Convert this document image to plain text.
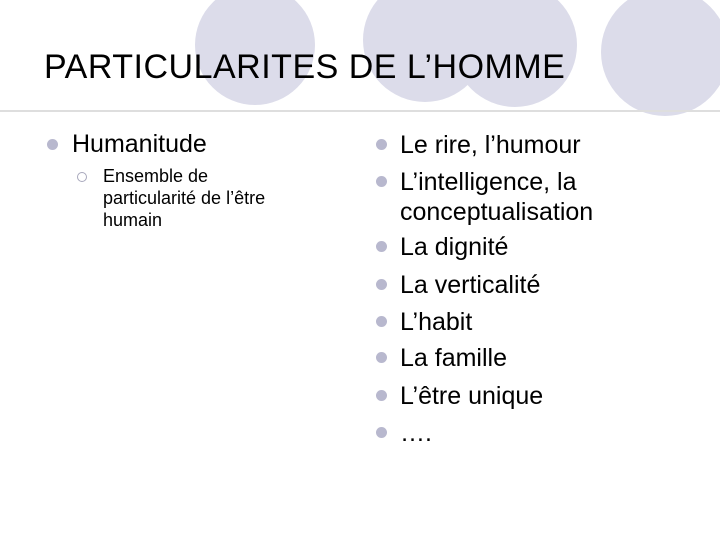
PARTICULARITES DE L’HOMME
Humanitude
Ensemble de
particularité de l’être
humain
Le rire, l’humour
L’intelligence, la
conceptualisation
La dignité
La verticalité
L’habit
La famille
L’être unique
….
